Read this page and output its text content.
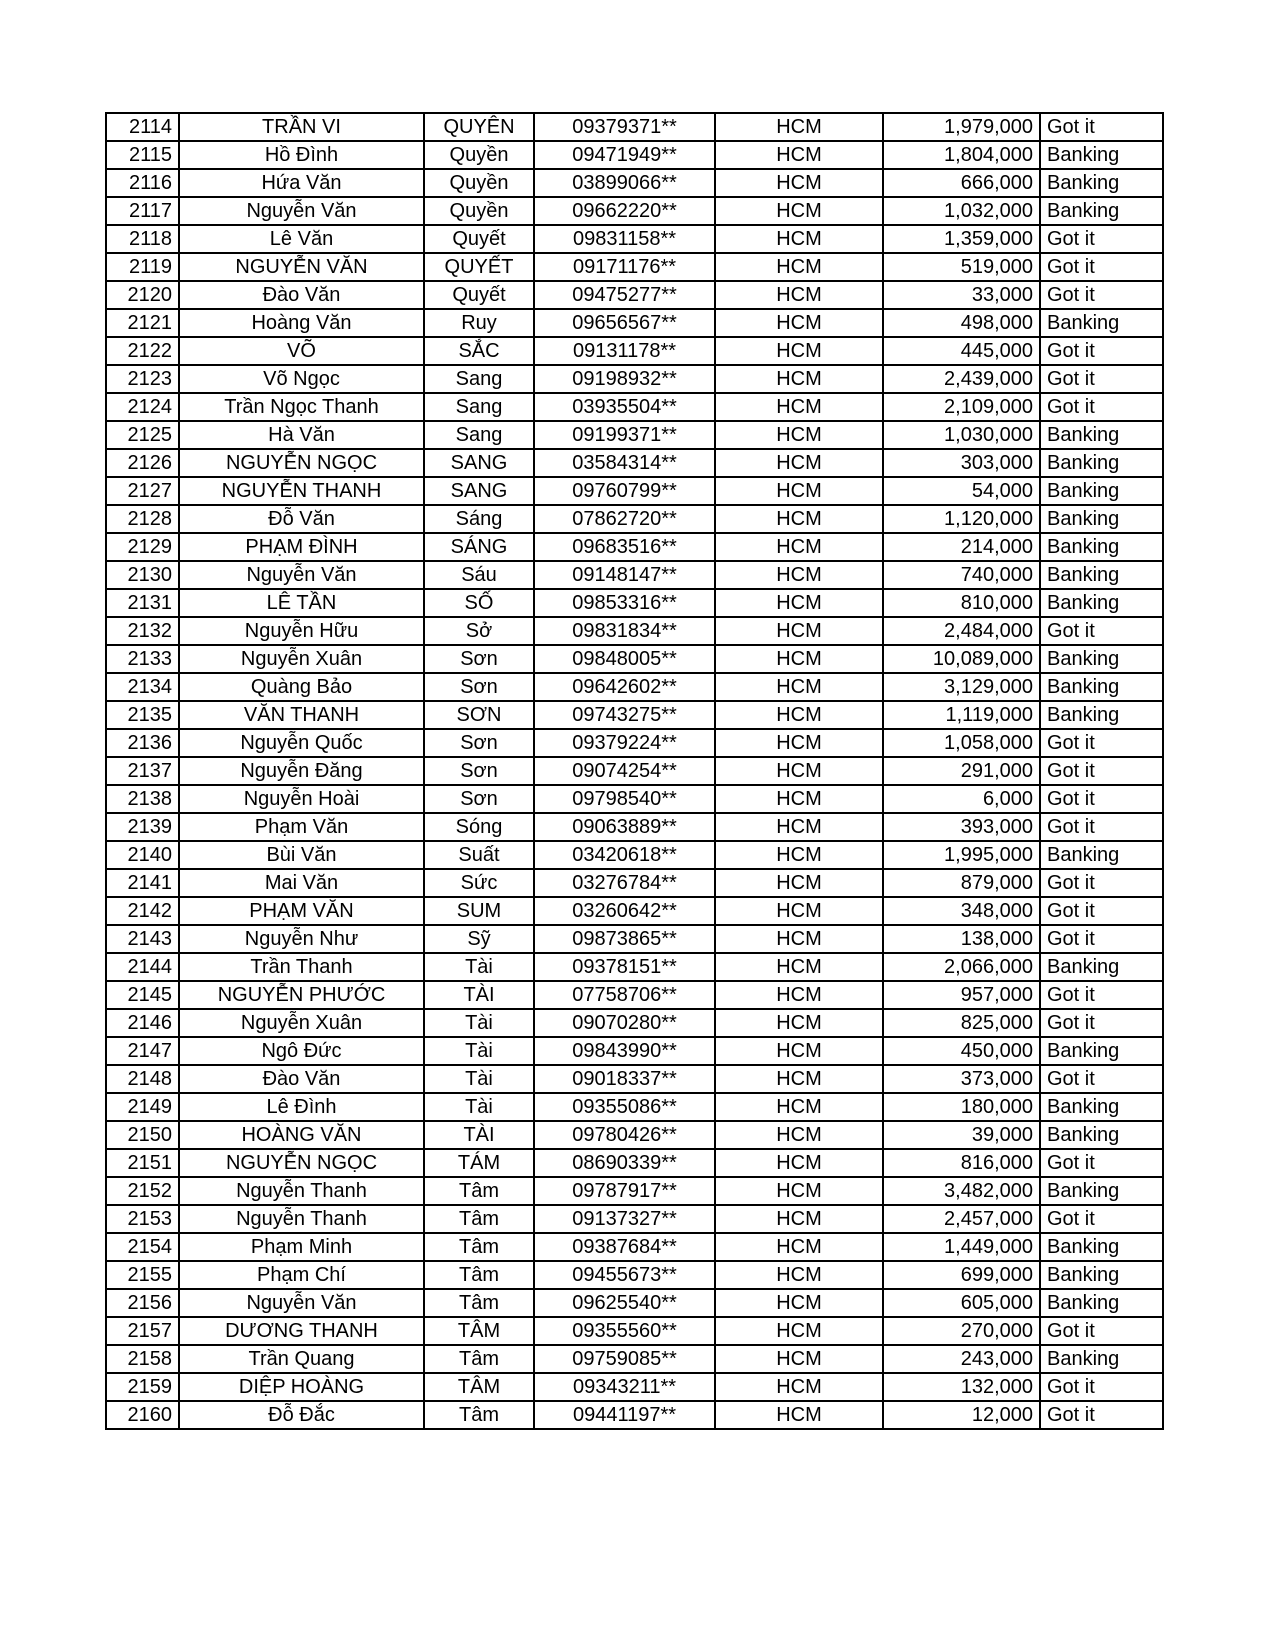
2114	TRẦN VI	QUYÊN	09379371**	HCM	1,979,000	Got it
2115	Hồ Đình	Quyền	09471949**	HCM	1,804,000	Banking
2116	Hứa Văn	Quyền	03899066**	HCM	666,000	Banking
2117	Nguyễn Văn	Quyền	09662220**	HCM	1,032,000	Banking
2118	Lê Văn	Quyết	09831158**	HCM	1,359,000	Got it
2119	NGUYỄN VĂN	QUYẾT	09171176**	HCM	519,000	Got it
2120	Đào Văn	Quyết	09475277**	HCM	33,000	Got it
2121	Hoàng Văn	Ruy	09656567**	HCM	498,000	Banking
2122	VÕ	SẮC	09131178**	HCM	445,000	Got it
2123	Võ Ngọc	Sang	09198932**	HCM	2,439,000	Got it
2124	Trần Ngọc Thanh	Sang	03935504**	HCM	2,109,000	Got it
2125	Hà Văn	Sang	09199371**	HCM	1,030,000	Banking
2126	NGUYỄN NGỌC	SANG	03584314**	HCM	303,000	Banking
2127	NGUYỄN THANH	SANG	09760799**	HCM	54,000	Banking
2128	Đỗ Văn	Sáng	07862720**	HCM	1,120,000	Banking
2129	PHẠM ĐÌNH	SÁNG	09683516**	HCM	214,000	Banking
2130	Nguyễn Văn	Sáu	09148147**	HCM	740,000	Banking
2131	LÊ TẦN	SỐ	09853316**	HCM	810,000	Banking
2132	Nguyễn Hữu	Sở	09831834**	HCM	2,484,000	Got it
2133	Nguyễn Xuân	Sơn	09848005**	HCM	10,089,000	Banking
2134	Quàng Bảo	Sơn	09642602**	HCM	3,129,000	Banking
2135	VĂN THANH	SƠN	09743275**	HCM	1,119,000	Banking
2136	Nguyễn Quốc	Sơn	09379224**	HCM	1,058,000	Got it
2137	Nguyễn Đăng	Sơn	09074254**	HCM	291,000	Got it
2138	Nguyễn Hoài	Sơn	09798540**	HCM	6,000	Got it
2139	Phạm Văn	Sóng	09063889**	HCM	393,000	Got it
2140	Bùi Văn	Suất	03420618**	HCM	1,995,000	Banking
2141	Mai Văn	Sức	03276784**	HCM	879,000	Got it
2142	PHẠM VĂN	SUM	03260642**	HCM	348,000	Got it
2143	Nguyễn Như	Sỹ	09873865**	HCM	138,000	Got it
2144	Trần Thanh	Tài	09378151**	HCM	2,066,000	Banking
2145	NGUYỄN PHƯỚC	TÀI	07758706**	HCM	957,000	Got it
2146	Nguyễn Xuân	Tài	09070280**	HCM	825,000	Got it
2147	Ngô Đức	Tài	09843990**	HCM	450,000	Banking
2148	Đào Văn	Tài	09018337**	HCM	373,000	Got it
2149	Lê Đình	Tài	09355086**	HCM	180,000	Banking
2150	HOÀNG VĂN	TÀI	09780426**	HCM	39,000	Banking
2151	NGUYỄN NGỌC	TÁM	08690339**	HCM	816,000	Got it
2152	Nguyễn Thanh	Tâm	09787917**	HCM	3,482,000	Banking
2153	Nguyễn Thanh	Tâm	09137327**	HCM	2,457,000	Got it
2154	Phạm Minh	Tâm	09387684**	HCM	1,449,000	Banking
2155	Phạm Chí	Tâm	09455673**	HCM	699,000	Banking
2156	Nguyễn Văn	Tâm	09625540**	HCM	605,000	Banking
2157	DƯƠNG THANH	TÂM	09355560**	HCM	270,000	Got it
2158	Trần Quang	Tâm	09759085**	HCM	243,000	Banking
2159	DIỆP HOÀNG	TÂM	09343211**	HCM	132,000	Got it
2160	Đỗ Đắc	Tâm	09441197**	HCM	12,000	Got it
